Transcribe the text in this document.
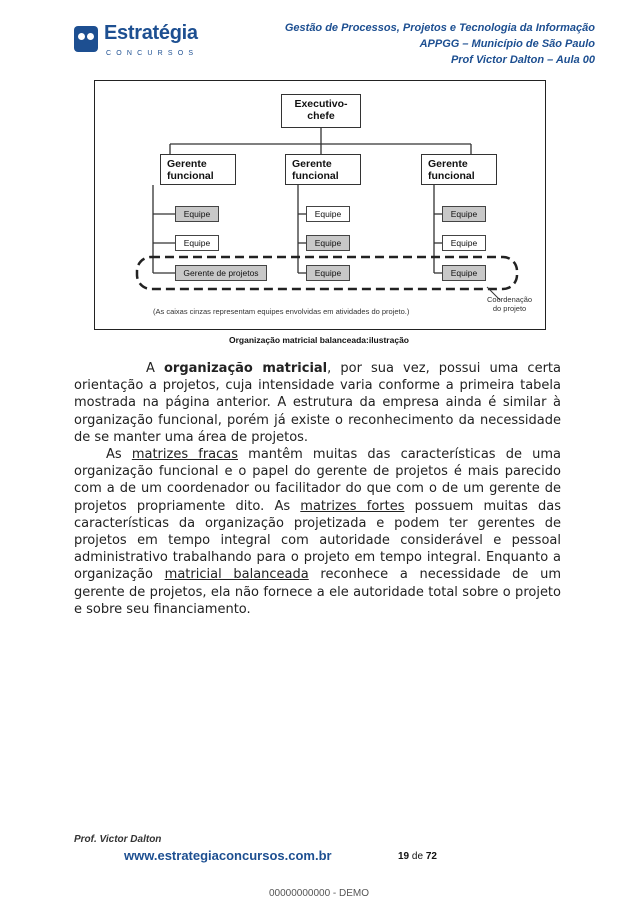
Estratégia
CONCURSOS
Gestão de Processos, Projetos e Tecnologia da Informação
APPGG – Município de São Paulo
Prof Victor Dalton – Aula 00
Executivo-
chefe
Gerente
funcional
Gerente
funcional
Gerente
funcional
Equipe
Equipe
Gerente de projetos
Equipe
Equipe
Equipe
Equipe
Equipe
Equipe
(As caixas cinzas representam equipes envolvidas em atividades do projeto.)
Coordenação
do projeto
Organização matricial balanceada:ilustração
A organização matricial, por sua vez, possui uma certa orientação a projetos, cuja intensidade varia conforme a primeira tabela mostrada na página anterior. A estrutura da empresa ainda é similar à organização funcional, porém já existe o reconhecimento da necessidade de se manter uma área de projetos.
As matrizes fracas mantêm muitas das características de uma organização funcional e o papel do gerente de projetos é mais parecido com a de um coordenador ou facilitador do que com o de um gerente de projetos propriamente dito. As matrizes fortes possuem muitas das características da organização projetizada e podem ter gerentes de projetos em tempo integral com autoridade considerável e pessoal administrativo trabalhando para o projeto em tempo integral. Enquanto a organização matricial balanceada reconhece a necessidade de um gerente de projetos, ela não fornece a ele autoridade total sobre o projeto e sobre seu financiamento.
Prof. Victor Dalton
www.estrategiaconcursos.com.br	19 de 72
00000000000 - DEMO
